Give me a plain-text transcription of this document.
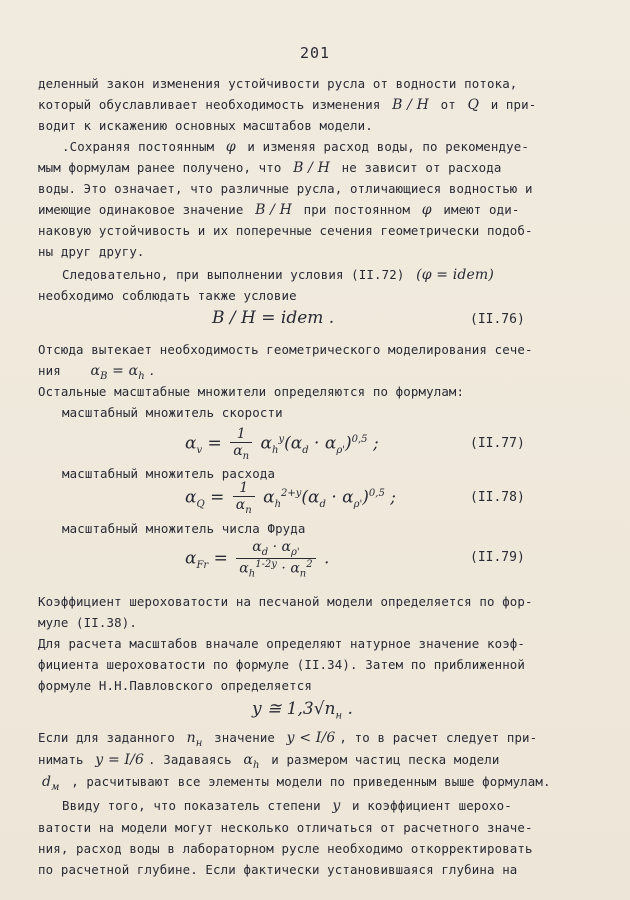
201
деленный закон изменения устойчивости русла от водности потока,
который обуславливает необходимость изменения B / H от Q и при-
водит к искажению основных масштабов модели.
.Сохраняя постоянным φ и изменяя расход воды, по рекомендуе-
мым формулам ранее получено, что B / H не зависит от расхода
воды. Это означает, что различные русла, отличающиеся водностью и
имеющие одинаковое значение B / H при постоянном φ имеют оди-
наковую устойчивость и их поперечные сечения геометрически подоб-
ны друг другу.
Следовательно, при выполнении условия (II.72) (φ = idem)
необходимо соблюдать также условие
B / H = idem .	(II.76)
Отсюда вытекает необходимость геометрического моделирования сече-
ния $\alpha_B = \alpha_h$ .
Остальные масштабные множители определяются по формулам:
масштабный множитель скорости
$\alpha_v = \frac{1}{\alpha_n} \alpha_h^y(\alpha_d \cdot \alpha_{\rho'})^{0,5}$ ;	(II.77)
масштабный множитель расхода
$\alpha_Q = \frac{1}{\alpha_n} \alpha_h^{2+y}(\alpha_d \cdot \alpha_{\rho'})^{0,5}$ ;	(II.78)
масштабный множитель числа Фруда
$\alpha_{Fr} = \frac{\alpha_d \cdot \alpha_{\rho'}}{\alpha_h^{1-2y} \cdot \alpha_n^2}$ .	(II.79)
Коэффициент шероховатости на песчаной модели определяется по фор-
муле (II.38).
Для расчета масштабов вначале определяют натурное значение коэф-
фициента шероховатости по формуле (II.34). Затем по приближенной
формуле Н.Н.Павловского определяется
y ≅ $1,3√n_н$ .
Если для заданного $n_н$ значение y < I/6 , то в расчет следует при-
нимать y = I/6 . Задаваясь $\alpha_h$ и размером частиц песка модели
$d_м$ , расчитывают все элементы модели по приведенным выше формулам.
Ввиду того, что показатель степени y и коэффициент шерохо-
ватости на модели могут несколько отличаться от расчетного значе-
ния, расход воды в лабораторном русле необходимо откорректировать
по расчетной глубине. Если фактически установившаяся глубина на
